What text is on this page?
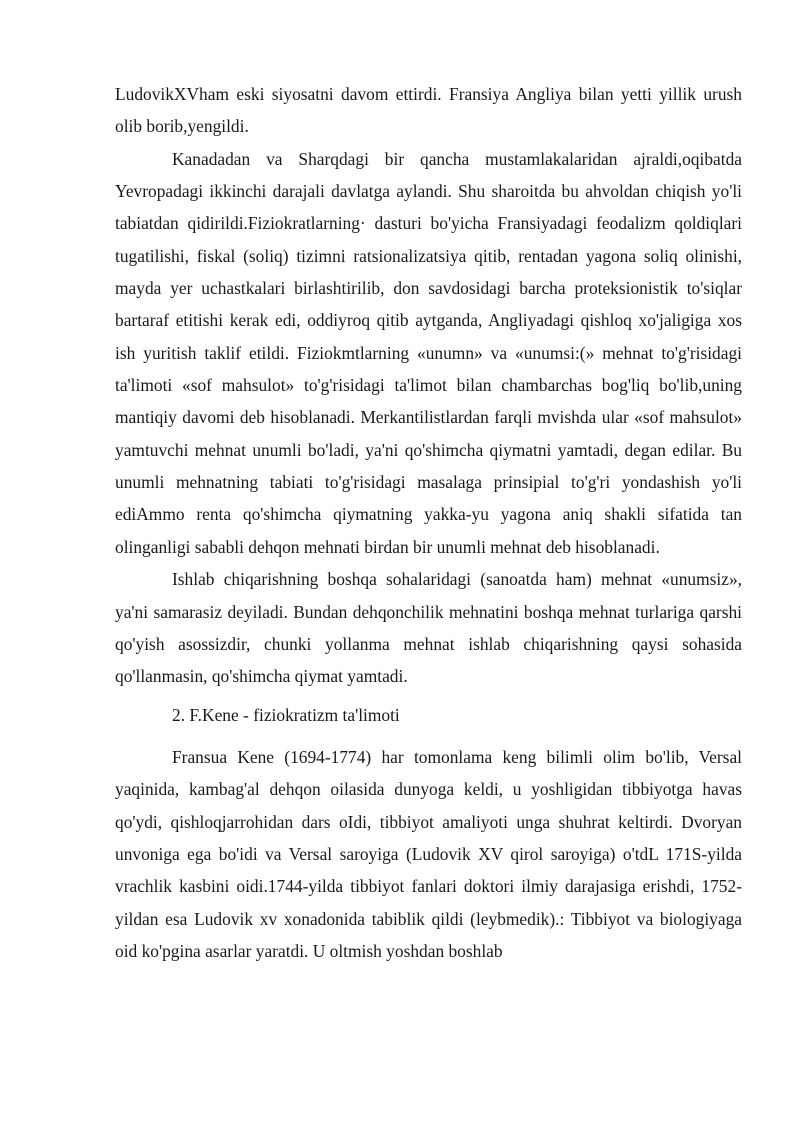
LudovikXVham eski siyosatni davom ettirdi. Fransiya Angliya bilan yetti yillik urush olib borib,yengildi.

Kanadadan va Sharqdagi bir qancha mustamlakalaridan ajraldi,oqibatda Yevropadagi ikkinchi darajali davlatga aylandi. Shu sharoitda bu ahvoldan chiqish yo'li tabiatdan qidirildi.Fiziokratlarning· dasturi bo'yicha Fransiyadagi feodalizm qoldiqlari tugatilishi, fiskal (soliq) tizimni ratsionalizatsiya qitib, rentadan yagona soliq olinishi, mayda yer uchastkalari birlashtirilib, don savdosidagi barcha proteksionistik to'siqlar bartaraf etitishi kerak edi, oddiyroq qitib aytganda, Angliyadagi qishloq xo'jaligiga xos ish yuritish taklif etildi. Fiziokmtlarning «unumn» va «unumsi:(» mehnat to'g'risidagi ta'limoti «sof mahsulot» to'g'risidagi ta'limot bilan chambarchas bog'liq bo'lib,uning mantiqiy davomi deb hisoblanadi. Merkantilistlardan farqli mvishda ular «sof mahsulot» yamtuvchi mehnat unumli bo'ladi, ya'ni qo'shimcha qiymatni yamtadi, degan edilar. Bu unumli mehnatning tabiati to'g'risidagi masalaga prinsipial to'g'ri yondashish yo'li ediAmmo renta qo'shimcha qiymatning yakka-yu yagona aniq shakli sifatida tan olinganligi sababli dehqon mehnati birdan bir unumli mehnat deb hisoblanadi.

Ishlab chiqarishning boshqa sohalaridagi (sanoatda ham) mehnat «unumsiz», ya'ni samarasiz deyiladi. Bundan dehqonchilik mehnatini boshqa mehnat turlariga qarshi qo'yish asossizdir, chunki yollanma mehnat ishlab chiqarishning qaysi sohasida qo'llanmasin, qo'shimcha qiymat yamtadi.

2. F.Kene - fiziokratizm ta'limoti

Fransua Kene (1694-1774) har tomonlama keng bilimli olim bo'lib, Versal yaqinida, kambag'al dehqon oilasida dunyoga keldi, u yoshligidan tibbiyotga havas qo'ydi, qishloqjarrohidan dars oIdi, tibbiyot amaliyoti unga shuhrat keltirdi. Dvoryan unvoniga ega bo'idi va Versal saroyiga (Ludovik XV qirol saroyiga) o'tdL 171S-yilda vrachlik kasbini oidi.1744-yilda tibbiyot fanlari doktori ilmiy darajasiga erishdi, 1752-yildan esa Ludovik xv xonadonida tabiblik qildi (leybmedik).: Tibbiyot va biologiyaga oid ko'pgina asarlar yaratdi. U oltmish yoshdan boshlab
